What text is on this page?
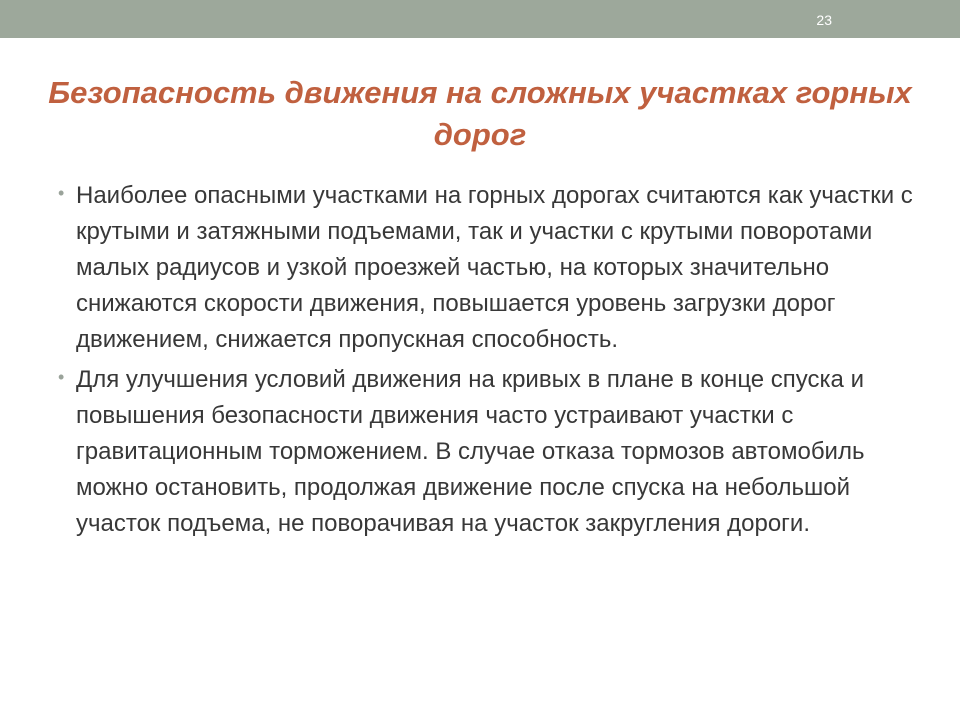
23
Безопасность движения на сложных участках горных дорог
• Наиболее опасными участками на горных дорогах считаются как участки с крутыми и затяжными подъемами, так и участки с крутыми поворотами малых радиусов и узкой проезжей частью, на которых значительно снижаются скорости движения, повышается уровень загрузки дорог движением, снижается пропускная способность.
• Для улучшения условий движения на кривых в плане в конце спуска и повышения безопасности движения часто устраивают участки с гравитационным торможением. В случае отказа тормозов автомобиль можно остановить, продолжая движение после спуска на небольшой участок подъема, не поворачивая на участок закругления дороги.
